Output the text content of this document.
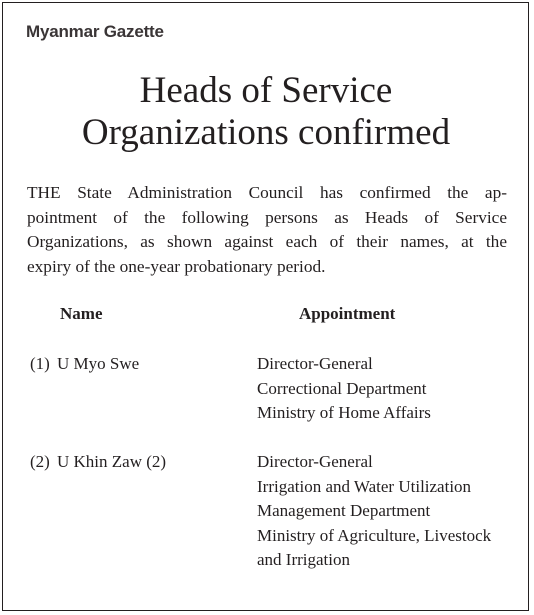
Myanmar Gazette
Heads of Service
Organizations confirmed
THE State Administration Council has confirmed the ap-
pointment of the following persons as Heads of Service
Organizations, as shown against each of their names, at the
expiry of the one-year probationary period.
Name	Appointment
(1) U Myo Swe	Director-General
Correctional Department
Ministry of Home Affairs
(2) U Khin Zaw (2)	Director-General
Irrigation and Water Utilization
Management Department
Ministry of Agriculture, Livestock
and Irrigation
